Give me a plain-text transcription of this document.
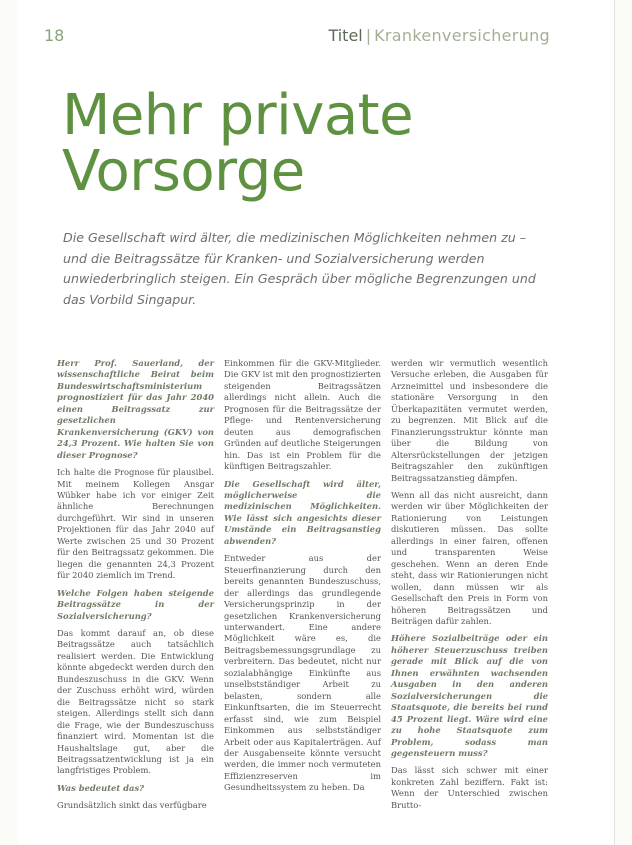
18	Titel | Krankenversicherung
Mehr private
Vorsorge

Die Gesellschaft wird älter, die medizinischen Möglichkeiten nehmen zu – und die Beitragssätze für Kranken- und Sozialversicherung werden unwiederbringlich steigen. Ein Gespräch über mögliche Begrenzungen und das Vorbild Singapur.

Herr Prof. Sauerland, der wissenschaftliche Beirat beim Bundeswirtschaftsministerium prognostiziert für das Jahr 2040 einen Beitragssatz zur gesetzlichen Krankenversicherung (GKV) von 24,3 Prozent. Wie halten Sie von dieser Prognose?

Ich halte die Prognose für plausibel. Mit meinem Kollegen Ansgar Wübker habe ich vor einiger Zeit ähnliche Berechnungen durchgeführt. Wir sind in unseren Projektionen für das Jahr 2040 auf Werte zwischen 25 und 30 Prozent für den Beitragssatz gekommen. Die liegen die genannten 24,3 Prozent für 2040 ziemlich im Trend.

Welche Folgen haben steigende Beitragssätze in der Sozialversicherung?

Das kommt darauf an, ob diese Beitragssätze auch tatsächlich realisiert werden. Die Entwicklung könnte abgedeckt werden durch den Bundeszuschuss in die GKV. Wenn der Zuschuss erhöht wird, würden die Beitragssätze nicht so stark steigen. Allerdings stellt sich dann die Frage, wie der Bundeszuschuss finanziert wird. Momentan ist die Haushaltslage gut, aber die Beitragssatzentwicklung ist ja ein langfristiges Problem.

Was bedeutet das?

Grundsätzlich sinkt das verfügbare

Einkommen für die GKV-Mitglieder. Die GKV ist mit den prognostizierten steigenden Beitragssätzen allerdings nicht allein. Auch die Prognosen für die Beitragssätze der Pflege- und Rentenversicherung deuten aus demografischen Gründen auf deutliche Steigerungen hin. Das ist ein Problem für die künftigen Beitragszahler.

Die Gesellschaft wird älter, möglicherweise die medizinischen Möglichkeiten. Wie lässt sich angesichts dieser Umstände ein Beitragsanstieg abwenden?

Entweder aus der Steuerfinanzierung durch den bereits genannten Bundeszuschuss, der allerdings das grundlegende Versicherungsprinzip in der gesetzlichen Krankenversicherung unterwandert. Eine andere Möglichkeit wäre es, die Beitragsbemessungsgrundlage zu verbreitern. Das bedeutet, nicht nur sozialabhängige Einkünfte aus unselbstständiger Arbeit zu belasten, sondern alle Einkunftsarten, die im Steuerrecht erfasst sind, wie zum Beispiel Einkommen aus selbstständiger Arbeit oder aus Kapitalerträgen. Auf der Ausgabenseite könnte versucht werden, die immer noch vermuteten Effizienzreserven im Gesundheitssystem zu heben. Da

werden wir vermutlich wesentlich Versuche erleben, die Ausgaben für Arzneimittel und insbesondere die stationäre Versorgung in den Überkapazitäten vermutet werden, zu begrenzen. Mit Blick auf die Finanzierungsstruktur könnte man über die Bildung von Altersrückstellungen der jetzigen Beitragszahler den zukünftigen Beitragssatzanstieg dämpfen.

Wenn all das nicht ausreicht, dann werden wir über Möglichkeiten der Rationierung von Leistungen diskutieren müssen. Das sollte allerdings in einer fairen, offenen und transparenten Weise geschehen. Wenn an deren Ende steht, dass wir Rationierungen nicht wollen, dann müssen wir als Gesellschaft den Preis in Form von höheren Beitragssätzen und Beiträgen dafür zahlen.

Höhere Sozialbeiträge oder ein höherer Steuerzuschuss treiben gerade mit Blick auf die von Ihnen erwähnten wachsenden Ausgaben in den anderen Sozialversicherungen die Staatsquote, die bereits bei rund 45 Prozent liegt. Wäre wird eine zu hohe Staatsquote zum Problem, sodass man gegensteuern muss?

Das lässt sich schwer mit einer konkreten Zahl beziffern. Fakt ist: Wenn der Unterschied zwischen Brutto-
